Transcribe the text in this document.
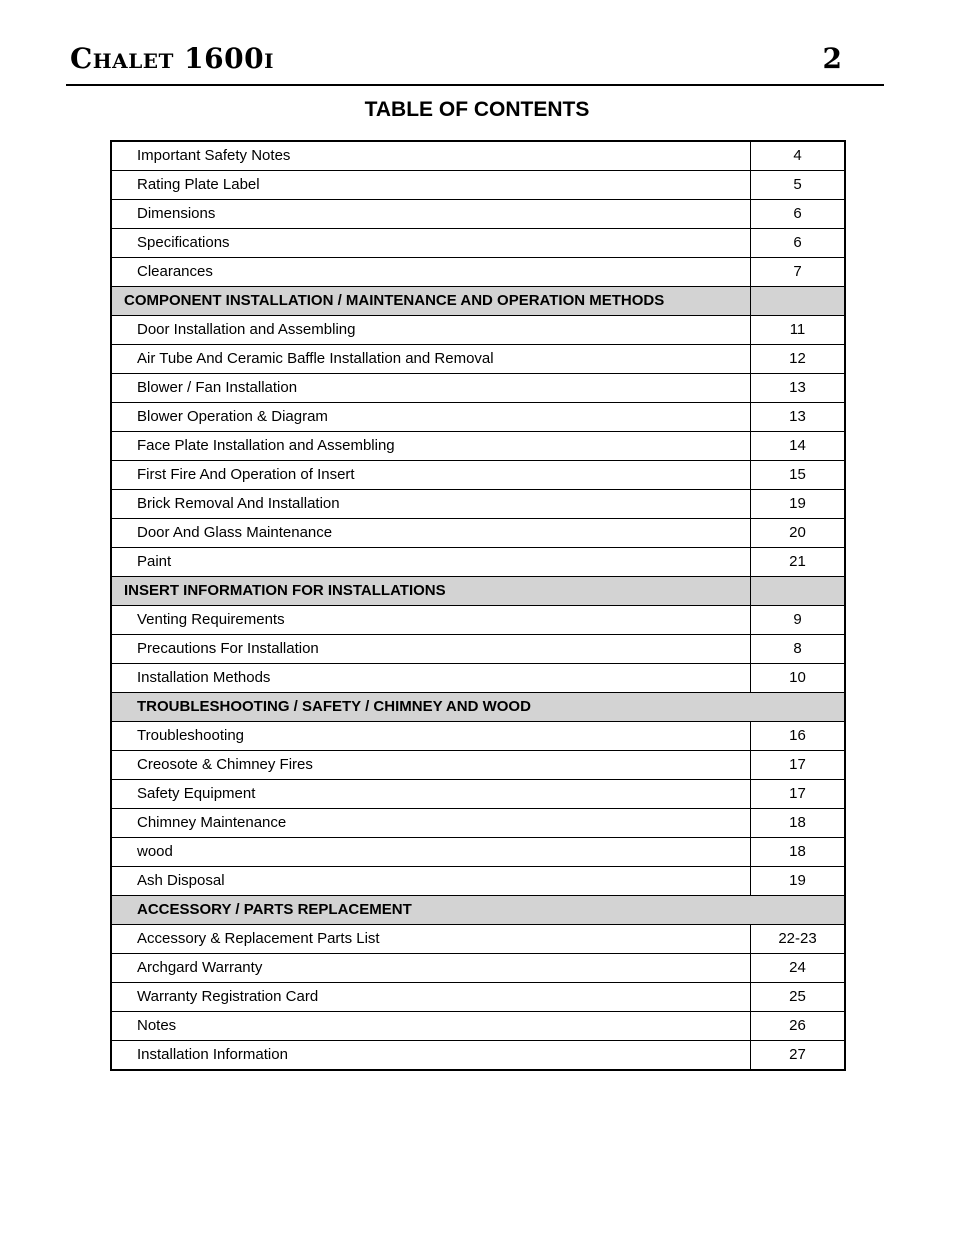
Chalet 1600i	2
TABLE OF CONTENTS
Important Safety Notes	4
Rating Plate Label	5
Dimensions	6
Specifications	6
Clearances	7
COMPONENT INSTALLATION / MAINTENANCE AND OPERATION METHODS	
Door Installation and Assembling	11
Air Tube And Ceramic Baffle Installation and Removal	12
Blower / Fan Installation	13
Blower Operation & Diagram	13
Face Plate Installation and Assembling	14
First Fire And Operation of Insert	15
Brick Removal And Installation	19
Door And Glass Maintenance	20
Paint	21
INSERT INFORMATION FOR INSTALLATIONS	
Venting Requirements	9
Precautions For Installation	8
Installation Methods	10
TROUBLESHOOTING / SAFETY / CHIMNEY AND WOOD	
Troubleshooting	16
Creosote & Chimney Fires	17
Safety Equipment	17
Chimney Maintenance	18
wood	18
Ash Disposal	19
ACCESSORY / PARTS REPLACEMENT	
Accessory & Replacement Parts List	22-23
Archgard Warranty	24
Warranty Registration Card	25
Notes	26
Installation Information	27
